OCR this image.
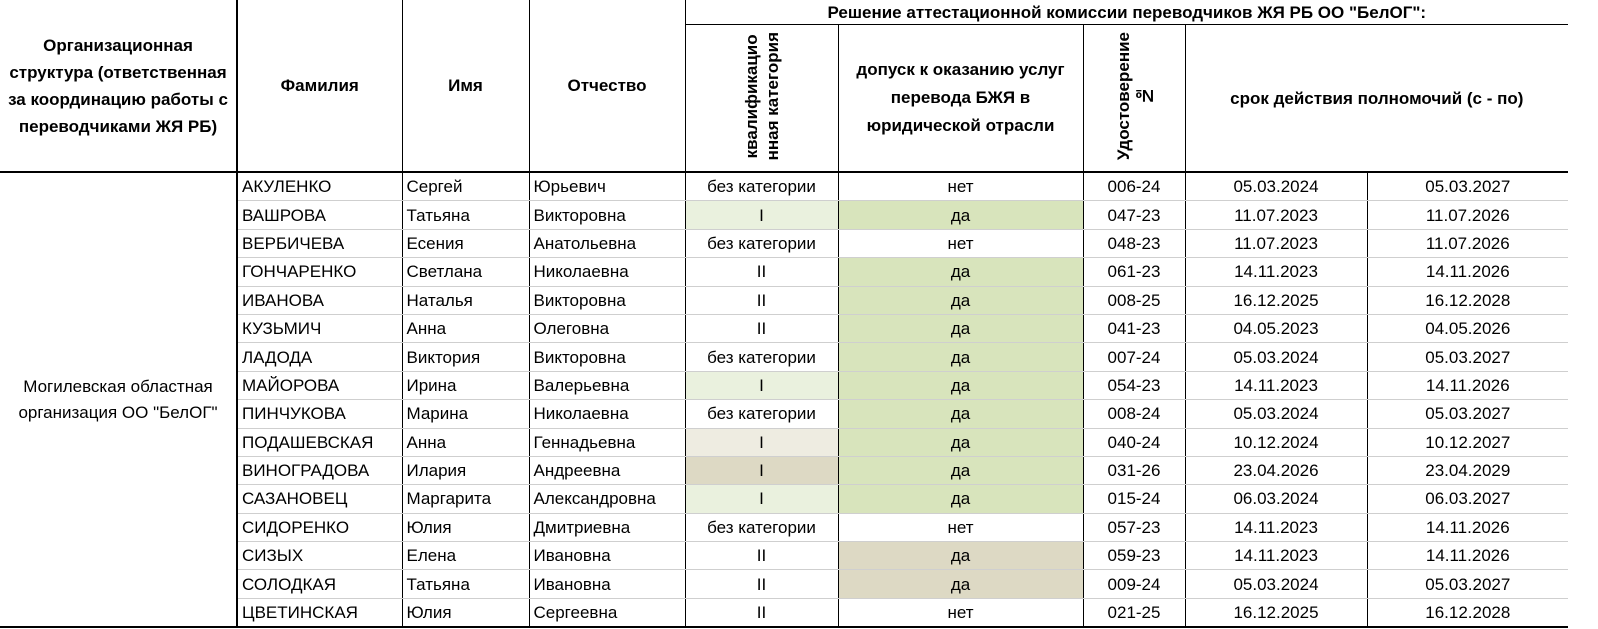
Организационная структура (ответственная за координацию работы с переводчиками ЖЯ РБ)	Фамилия	Имя	Отчество	Решение аттестационной комиссии переводчиков ЖЯ РБ ОО "БелОГ":				
				квалификацио
нная категория	допуск к оказанию услуг перевода БЖЯ в юридической отрасли	Удостоверение
№	срок действия полномочий (с - по)	
Могилевская областная организация ОО "БелОГ"	АКУЛЕНКО	Сергей	Юрьевич	без категории	нет	006-24	05.03.2024	05.03.2027
	ВАШРОВА	Татьяна	Викторовна	I	да	047-23	11.07.2023	11.07.2026
	ВЕРБИЧЕВА	Есения	Анатольевна	без категории	нет	048-23	11.07.2023	11.07.2026
	ГОНЧАРЕНКО	Светлана	Николаевна	II	да	061-23	14.11.2023	14.11.2026
	ИВАНОВА	Наталья	Викторовна	II	да	008-25	16.12.2025	16.12.2028
	КУЗЬМИЧ	Анна	Олеговна	II	да	041-23	04.05.2023	04.05.2026
	ЛАДОДА	Виктория	Викторовна	без категории	да	007-24	05.03.2024	05.03.2027
	МАЙОРОВА	Ирина	Валерьевна	I	да	054-23	14.11.2023	14.11.2026
	ПИНЧУКОВА	Марина	Николаевна	без категории	да	008-24	05.03.2024	05.03.2027
	ПОДАШЕВСКАЯ	Анна	Геннадьевна	I	да	040-24	10.12.2024	10.12.2027
	ВИНОГРАДОВА	Илария	Андреевна	I	да	031-26	23.04.2026	23.04.2029
	САЗАНОВЕЦ	Маргарита	Александровна	I	да	015-24	06.03.2024	06.03.2027
	СИДОРЕНКО	Юлия	Дмитриевна	без категории	нет	057-23	14.11.2023	14.11.2026
	СИЗЫХ	Елена	Ивановна	II	да	059-23	14.11.2023	14.11.2026
	СОЛОДКАЯ	Татьяна	Ивановна	II	да	009-24	05.03.2024	05.03.2027
	ЦВЕТИНСКАЯ	Юлия	Сергеевна	II	нет	021-25	16.12.2025	16.12.2028
